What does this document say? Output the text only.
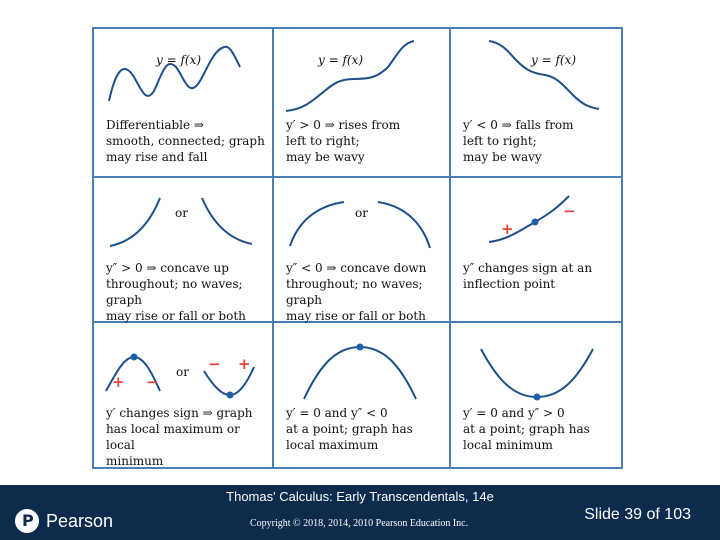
y = f(x)

Differentiable ⇒
smooth, connected; graph
may rise and fall

y = f(x)

y′ > 0 ⇒ rises from
left to right;
may be wavy

y = f(x)

y′ < 0 ⇒ falls from
left to right;
may be wavy

or

y″ > 0 ⇒ concave up
throughout; no waves; graph
may rise or fall or both

or

y″ < 0 ⇒ concave down
throughout; no waves; graph
may rise or fall or both

+
−

y″ changes sign at an
inflection point

+ −
or − +

y′ changes sign ⇒ graph
has local maximum or local
minimum

y′ = 0 and y″ < 0
at a point; graph has
local maximum

y′ = 0 and y″ > 0
at a point; graph has
local minimum

Thomas' Calculus: Early Transcendentals, 14e
P Pearson	Copyright © 2018, 2014, 2010 Pearson Education Inc.
Slide 39 of 103
